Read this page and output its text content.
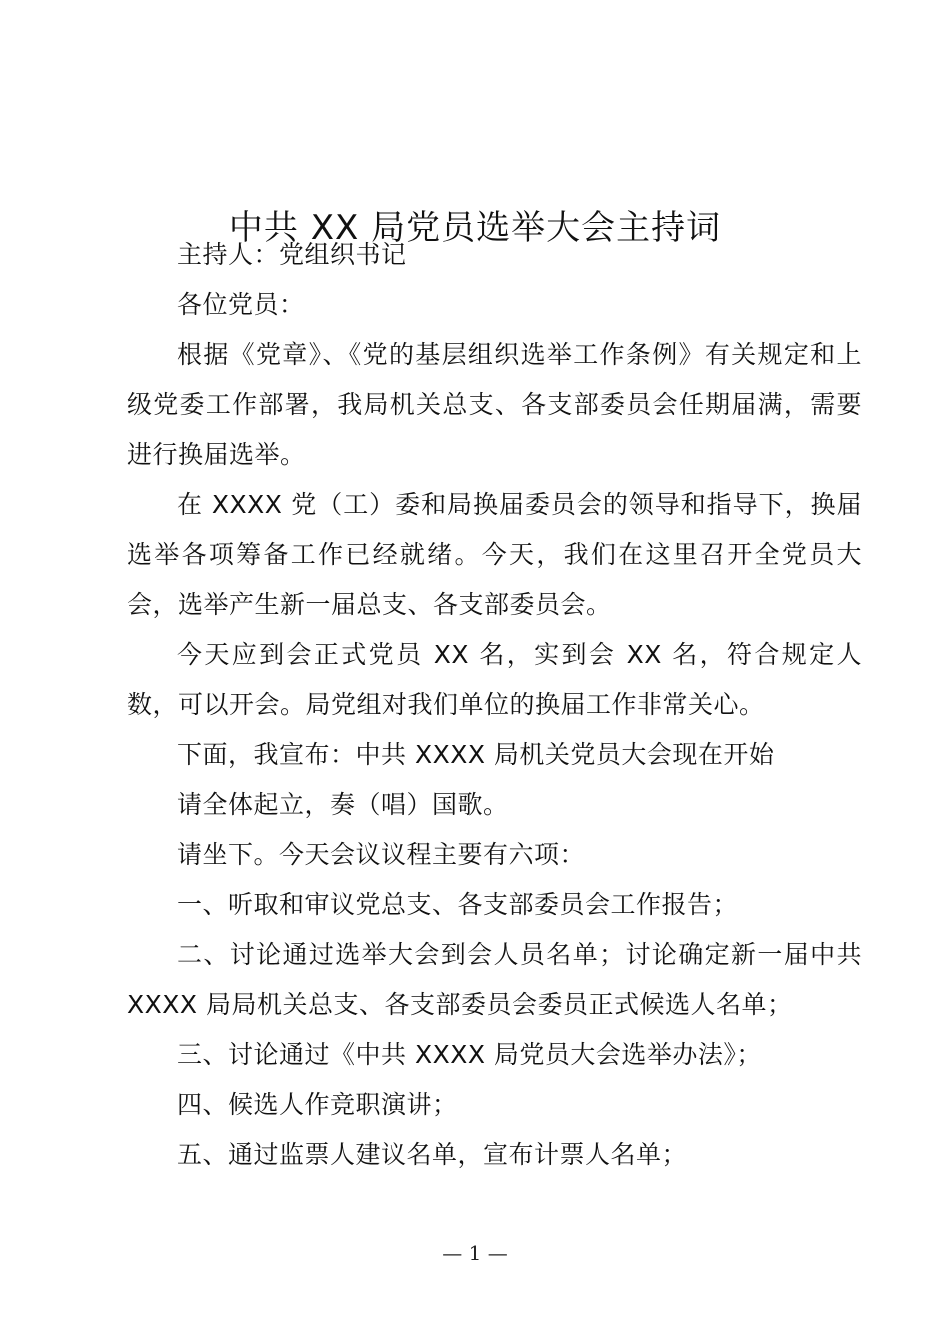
中共 XX 局党员选举大会主持词

主持人：党组织书记

各位党员：

根据《党章》、《党的基层组织选举工作条例》有关规定和上级党委工作部署，我局机关总支、各支部委员会任期届满，需要进行换届选举。

在 XXXX 党（工）委和局换届委员会的领导和指导下，换届选举各项筹备工作已经就绪。今天，我们在这里召开全党员大会，选举产生新一届总支、各支部委员会。

今天应到会正式党员 XX 名，实到会 XX 名，符合规定人数，可以开会。局党组对我们单位的换届工作非常关心。

下面，我宣布：中共 XXXX 局机关党员大会现在开始

请全体起立，奏（唱）国歌。

请坐下。今天会议议程主要有六项：

一、听取和审议党总支、各支部委员会工作报告；

二、讨论通过选举大会到会人员名单；讨论确定新一届中共 XXXX 局局机关总支、各支部委员会委员正式候选人名单；

三、讨论通过《中共 XXXX 局党员大会选举办法》；

四、候选人作竞职演讲；

五、通过监票人建议名单，宣布计票人名单；

— 1 —
